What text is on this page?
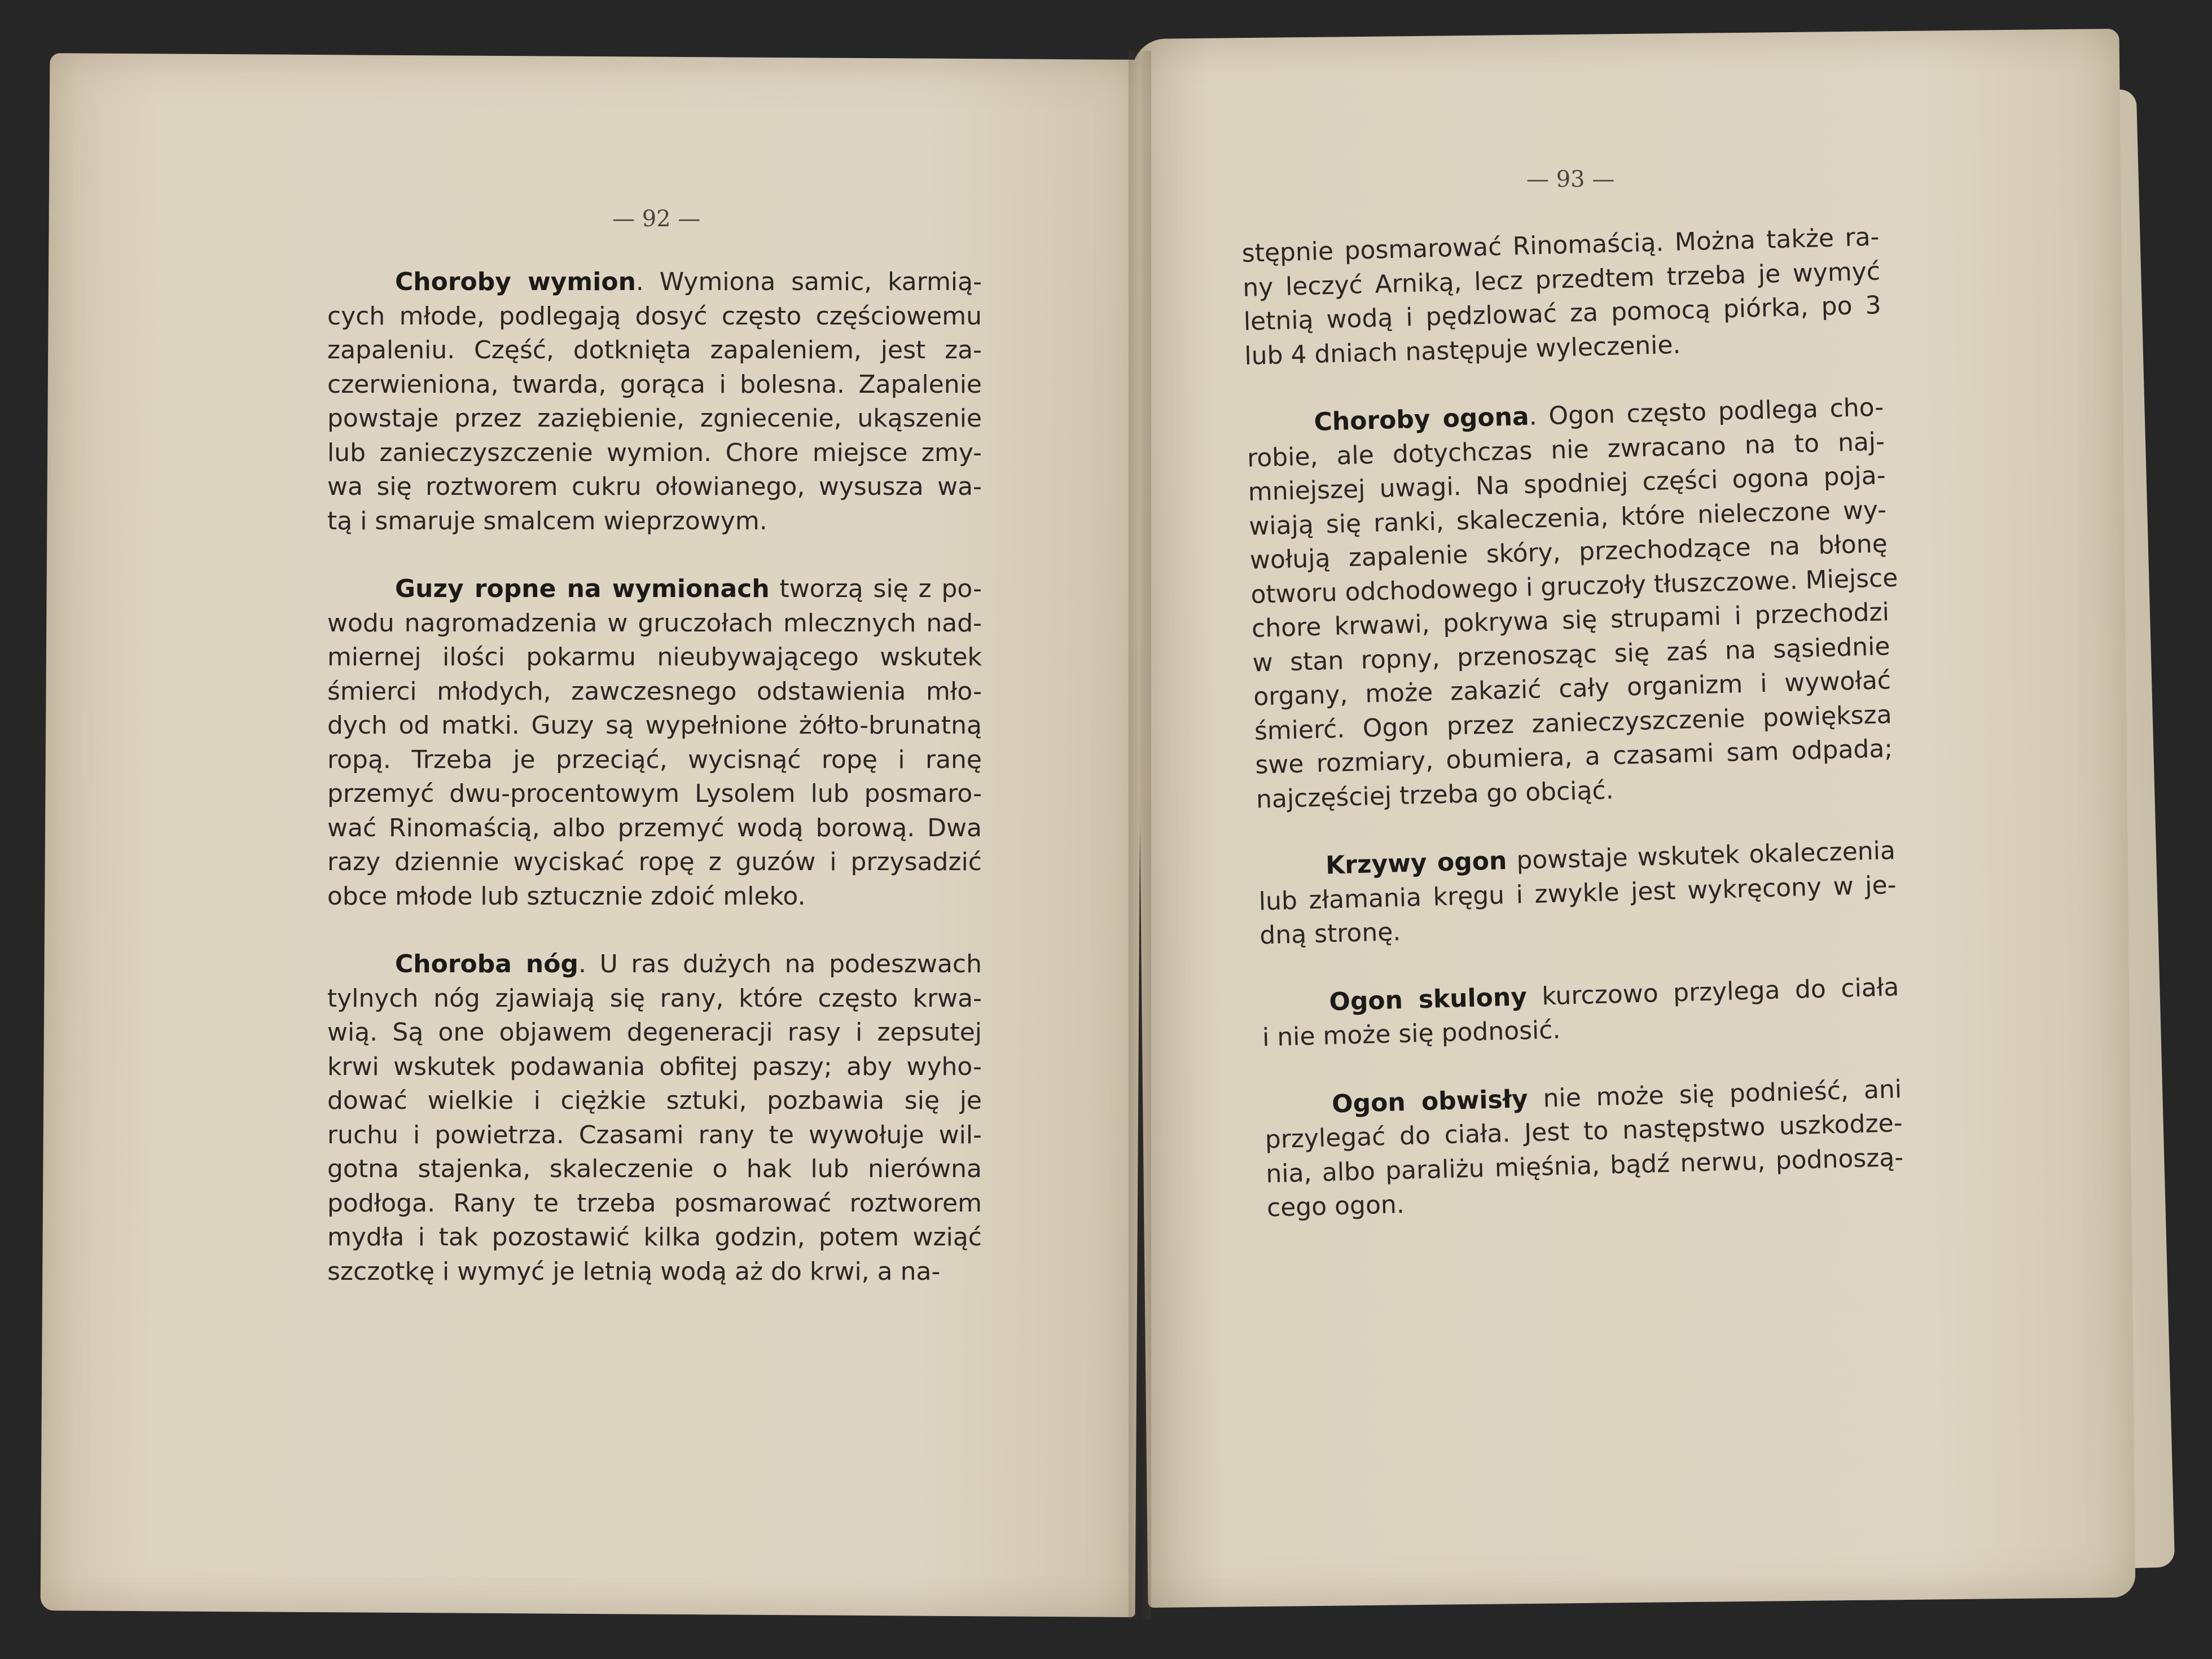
— 92 —
— 93 —
Choroby wymion. Wymiona samic, karmią-
cych młode, podlegają dosyć często częściowemu
zapaleniu. Część, dotknięta zapaleniem, jest za-
czerwieniona, twarda, gorąca i bolesna. Zapalenie
powstaje przez zaziębienie, zgniecenie, ukąszenie
lub zanieczyszczenie wymion. Chore miejsce zmy-
wa się roztworem cukru ołowianego, wysusza wa-
tą i smaruje smalcem wieprzowym.
Guzy ropne na wymionach tworzą się z po-
wodu nagromadzenia w gruczołach mlecznych nad-
miernej ilości pokarmu nieubywającego wskutek
śmierci młodych, zawczesnego odstawienia mło-
dych od matki. Guzy są wypełnione żółto-brunatną
ropą. Trzeba je przeciąć, wycisnąć ropę i ranę
przemyć dwu-procentowym Lysolem lub posmaro-
wać Rinomaścią, albo przemyć wodą borową. Dwa
razy dziennie wyciskać ropę z guzów i przysadzić
obce młode lub sztucznie zdoić mleko.
Choroba nóg. U ras dużych na podeszwach
tylnych nóg zjawiają się rany, które często krwa-
wią. Są one objawem degeneracji rasy i zepsutej
krwi wskutek podawania obfitej paszy; aby wyho-
dować wielkie i ciężkie sztuki, pozbawia się je
ruchu i powietrza. Czasami rany te wywołuje wil-
gotna stajenka, skaleczenie o hak lub nierówna
podłoga. Rany te trzeba posmarować roztworem
mydła i tak pozostawić kilka godzin, potem wziąć
szczotkę i wymyć je letnią wodą aż do krwi, a na-
stępnie posmarować Rinomaścią. Można także ra-
ny leczyć Arniką, lecz przedtem trzeba je wymyć
letnią wodą i pędzlować za pomocą piórka, po 3
lub 4 dniach następuje wyleczenie.
Choroby ogona. Ogon często podlega cho-
robie, ale dotychczas nie zwracano na to naj-
mniejszej uwagi. Na spodniej części ogona poja-
wiają się ranki, skaleczenia, które nieleczone wy-
wołują zapalenie skóry, przechodzące na błonę
otworu odchodowego i gruczoły tłuszczowe. Miejsce
chore krwawi, pokrywa się strupami i przechodzi
w stan ropny, przenosząc się zaś na sąsiednie
organy, może zakazić cały organizm i wywołać
śmierć. Ogon przez zanieczyszczenie powiększa
swe rozmiary, obumiera, a czasami sam odpada;
najczęściej trzeba go obciąć.
Krzywy ogon powstaje wskutek okaleczenia
lub złamania kręgu i zwykle jest wykręcony w je-
dną stronę.
Ogon skulony kurczowo przylega do ciała
i nie może się podnosić.
Ogon obwisły nie może się podnieść, ani
przylegać do ciała. Jest to następstwo uszkodze-
nia, albo paraliżu mięśnia, bądź nerwu, podnoszą-
cego ogon.
